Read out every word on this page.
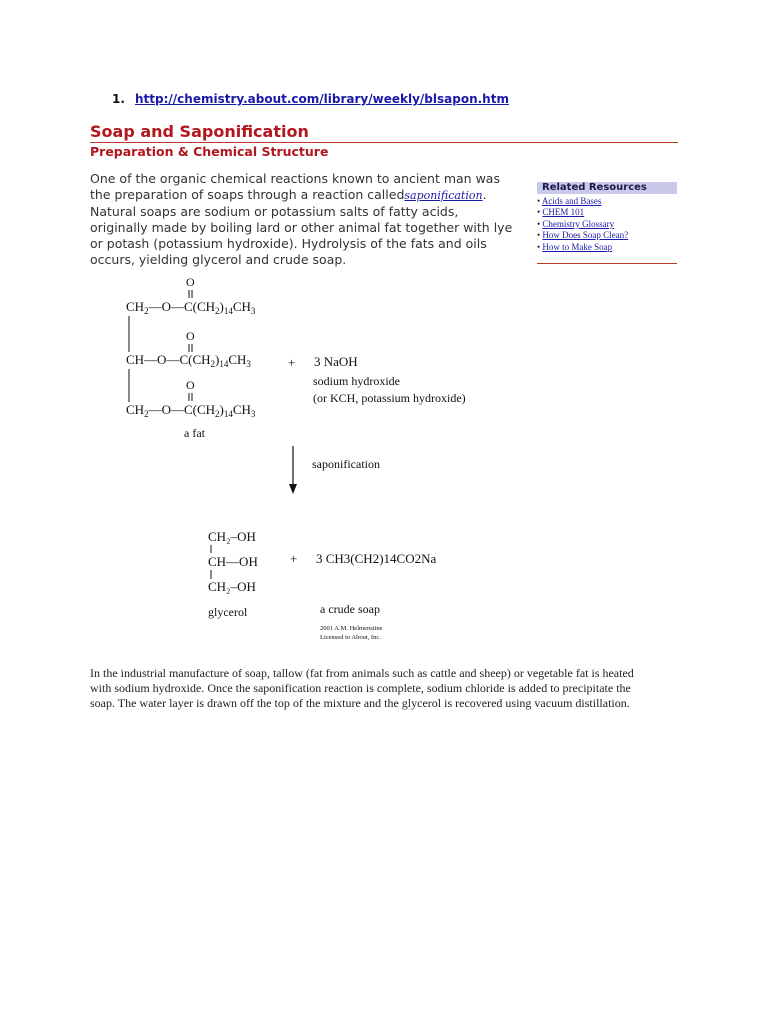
1. http://chemistry.about.com/library/weekly/blsapon.htm
Soap and Saponification
Preparation & Chemical Structure
One of the organic chemical reactions known to ancient man was
the preparation of soaps through a reaction calledsaponification.
Natural soaps are sodium or potassium salts of fatty acids,
originally made by boiling lard or other animal fat together with lye
or potash (potassium hydroxide). Hydrolysis of the fats and oils
occurs, yielding glycerol and crude soap.
Related Resources
• Acids and Bases
• CHEM 101
• Chemistry Glossary
• How Does Soap Clean?
• How to Make Soap
O
$CH_2—O—C(CH_2)_{14}CH_3$
O
$CH—O—C(CH_2)_{14}CH_3$
O
$CH_2—O—C(CH_2)_{14}CH_3$
a fat
+ 3 NaOH
sodium hydroxide
(or KCH, potassium hydroxide)
saponification
CH₂–OH
CH—OH
CH₂–OH
glycerol
+ 3 CH3(CH2)14CO2Na
a crude soap
2001 A.M. Helmenstine
Licensed to About, Inc.
In the industrial manufacture of soap, tallow (fat from animals such as cattle and sheep) or vegetable fat is heated
with sodium hydroxide. Once the saponification reaction is complete, sodium chloride is added to precipitate the
soap. The water layer is drawn off the top of the mixture and the glycerol is recovered using vacuum distillation.
